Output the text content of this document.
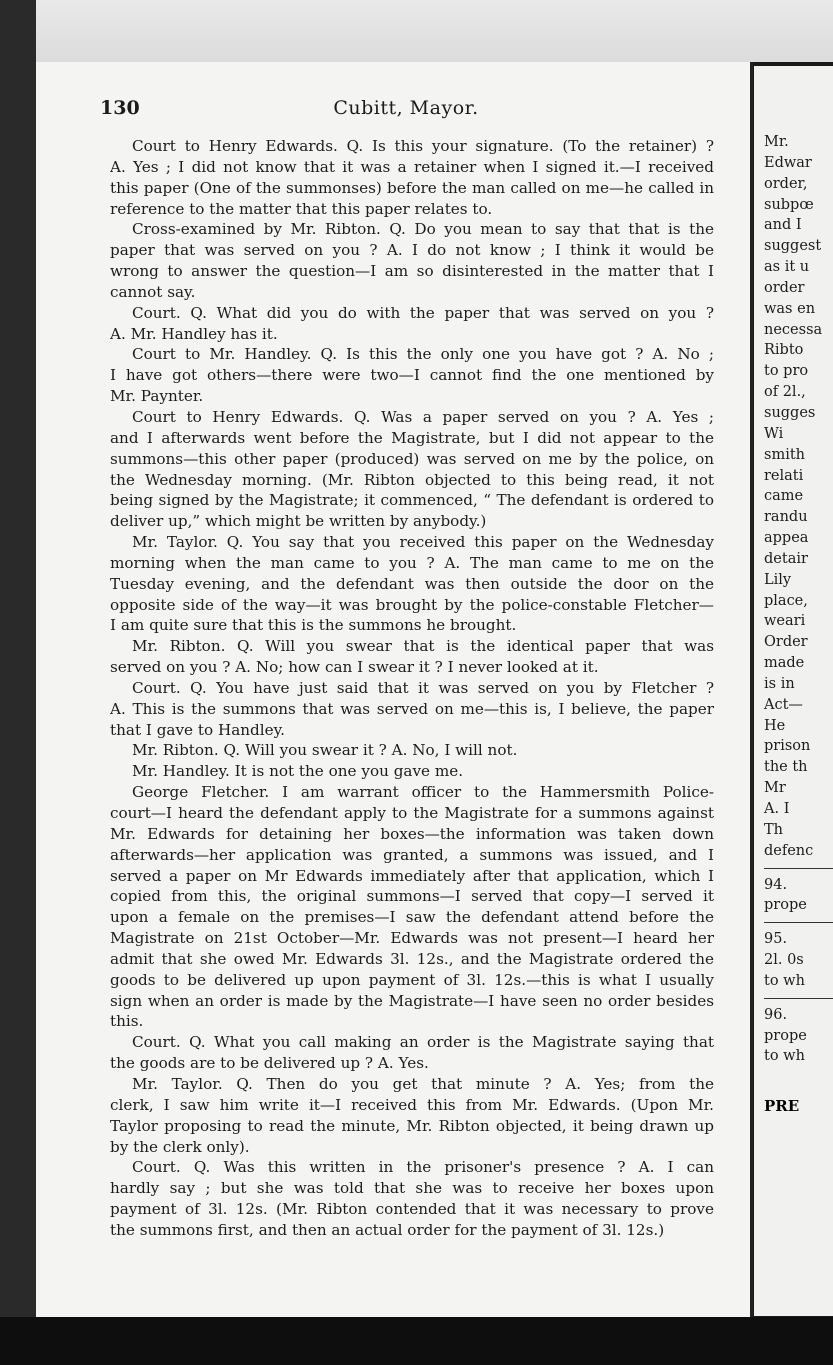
Mr.
Edwar
order,
subpœ
and I
suggest
as it u
order
was en
necessa
Ribto
to pro
of 2l.,
sugges
Wi
smith
relati
came
randu
appea
detair
Lily
place,
weari
Order
made
is in
Act—
He
prison
the th
Mr
A. I
Th
defenc
94.
prope
95.
2l. 0s
to wh
96.
prope
to wh
PRE
130	Cubitt, Mayor.
Court to Henry Edwards. Q. Is this your signature. (To the retainer) ?
A. Yes ; I did not know that it was a retainer when I signed it.—I received
this paper (One of the summonses) before the man called on me—he called in
reference to the matter that this paper relates to.
Cross-examined by Mr. Ribton. Q. Do you mean to say that that is the
paper that was served on you ? A. I do not know ; I think it would be
wrong to answer the question—I am so disinterested in the matter that I
cannot say.
Court. Q. What did you do with the paper that was served on you ?
A. Mr. Handley has it.
Court to Mr. Handley. Q. Is this the only one you have got ? A. No ;
I have got others—there were two—I cannot find the one mentioned by
Mr. Paynter.
Court to Henry Edwards. Q. Was a paper served on you ? A. Yes ;
and I afterwards went before the Magistrate, but I did not appear to the
summons—this other paper (produced) was served on me by the police, on
the Wednesday morning. (Mr. Ribton objected to this being read, it not
being signed by the Magistrate; it commenced, “ The defendant is ordered to
deliver up,” which might be written by anybody.)
Mr. Taylor. Q. You say that you received this paper on the Wednesday
morning when the man came to you ? A. The man came to me on the
Tuesday evening, and the defendant was then outside the door on the
opposite side of the way—it was brought by the police-constable Fletcher—
I am quite sure that this is the summons he brought.
Mr. Ribton. Q. Will you swear that is the identical paper that was
served on you ? A. No; how can I swear it ? I never looked at it.
Court. Q. You have just said that it was served on you by Fletcher ?
A. This is the summons that was served on me—this is, I believe, the paper
that I gave to Handley.
Mr. Ribton. Q. Will you swear it ? A. No, I will not.
Mr. Handley. It is not the one you gave me.
George Fletcher. I am warrant officer to the Hammersmith Police-
court—I heard the defendant apply to the Magistrate for a summons against
Mr. Edwards for detaining her boxes—the information was taken down
afterwards—her application was granted, a summons was issued, and I
served a paper on Mr Edwards immediately after that application, which I
copied from this, the original summons—I served that copy—I served it
upon a female on the premises—I saw the defendant attend before the
Magistrate on 21st October—Mr. Edwards was not present—I heard her
admit that she owed Mr. Edwards 3l. 12s., and the Magistrate ordered the
goods to be delivered up upon payment of 3l. 12s.—this is what I usually
sign when an order is made by the Magistrate—I have seen no order besides
this.
Court. Q. What you call making an order is the Magistrate saying that
the goods are to be delivered up ? A. Yes.
Mr. Taylor. Q. Then do you get that minute ? A. Yes; from the
clerk, I saw him write it—I received this from Mr. Edwards. (Upon Mr.
Taylor proposing to read the minute, Mr. Ribton objected, it being drawn up
by the clerk only).
Court. Q. Was this written in the prisoner's presence ? A. I can
hardly say ; but she was told that she was to receive her boxes upon
payment of 3l. 12s. (Mr. Ribton contended that it was necessary to prove
the summons first, and then an actual order for the payment of 3l. 12s.)
